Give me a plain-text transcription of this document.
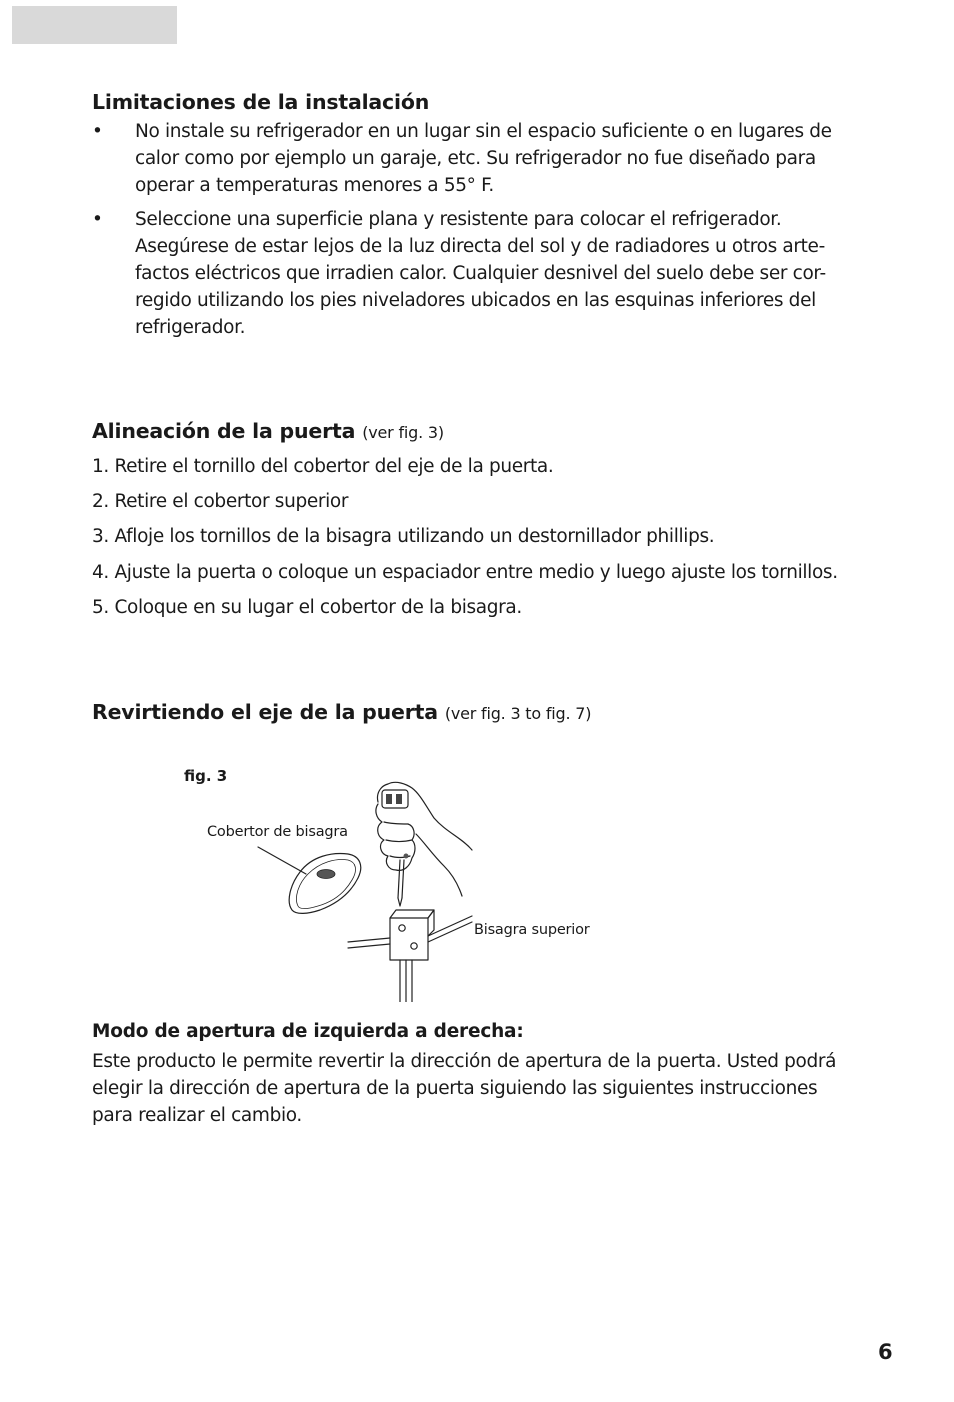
Limitaciones de la instalación
• No instale su refrigerador en un lugar sin el espacio suficiente o en lugares de calor como por ejemplo un garaje, etc. Su refrigerador no fue diseñado para operar a temperaturas menores a 55° F.
• Seleccione una superficie plana y resistente para colocar el refrigerador. Asegúrese de estar lejos de la luz directa del sol y de radiadores u otros arte-factos eléctricos que irradien calor. Cualquier desnivel del suelo debe ser cor-regido utilizando los pies niveladores ubicados en las esquinas inferiores del refrigerador.
Alineación de la puerta (ver fig. 3)
1. Retire el tornillo del cobertor del eje de la puerta.
2. Retire el cobertor superior
3. Afloje los tornillos de la bisagra utilizando un destornillador phillips.
4. Ajuste la puerta o coloque un espaciador entre medio y luego ajuste los tornillos.
5. Coloque en su lugar el cobertor de la bisagra.
Revirtiendo el eje de la puerta (ver fig. 3 to fig. 7)
fig. 3
Cobertor de bisagra
Bisagra superior
Modo de apertura de izquierda a derecha:
Este producto le permite revertir la dirección de apertura de la puerta. Usted podrá elegir la dirección de apertura de la puerta siguiendo las siguientes instrucciones para realizar el cambio.
6
